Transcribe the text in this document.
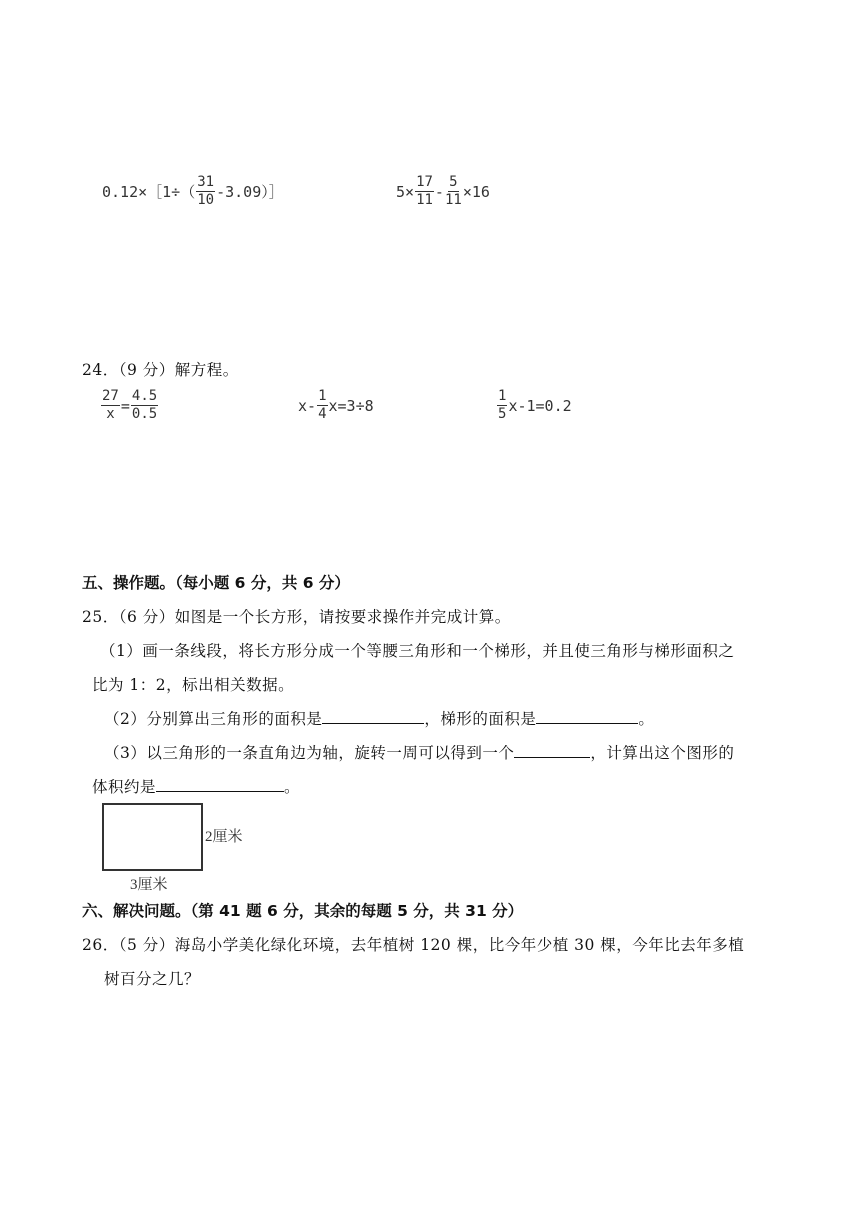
0.12×［1÷（ $\frac{31}{10}$ -3.09）］	$5\times \frac{17}{11} - \frac{5}{11} \times 16$
24．（9 分）解方程。
$\frac{27}{x} = \frac{4.5}{0.5}$	$x- \frac{1}{4} x=3\div 8$	$\frac{1}{5} x-1=0.2$
五、操作题。（每小题 6 分，共 6 分）
25．（6 分）如图是一个长方形，请按要求操作并完成计算。
（1）画一条线段，将长方形分成一个等腰三角形和一个梯形，并且使三角形与梯形面积之
比为 1：2，标出相关数据。
（2）分别算出三角形的面积是	，梯形的面积是	。
（3）以三角形的一条直角边为轴，旋转一周可以得到一个	，计算出这个图形的
体积约是	。
2厘米
3厘米
六、解决问题。（第 41 题 6 分，其余的每题 5 分，共 31 分）
26．（5 分）海岛小学美化绿化环境，去年植树 120 棵，比今年少植 30 棵，今年比去年多植
树百分之几？
